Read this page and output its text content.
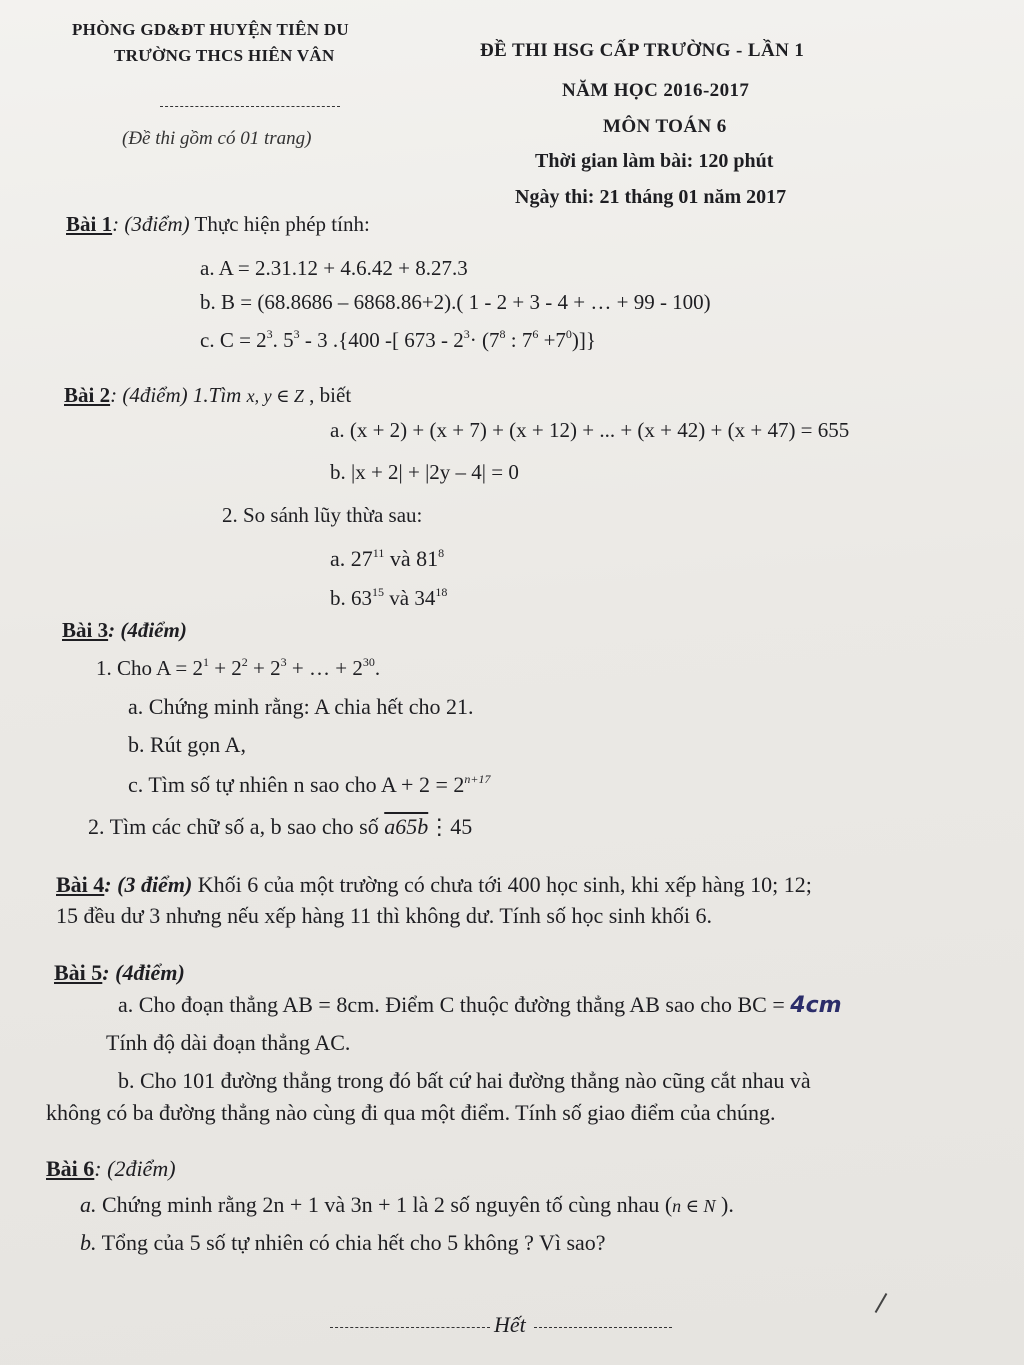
PHÒNG GD&ĐT HUYỆN TIÊN DU
TRƯỜNG THCS HIÊN VÂN
(Đề thi gồm có 01 trang)
ĐỀ THI HSG CẤP TRƯỜNG - LẦN 1
NĂM HỌC 2016-2017
MÔN TOÁN 6
Thời gian làm bài: 120 phút
Ngày thi: 21 tháng 01 năm 2017
Bài 1: (3điểm) Thực hiện phép tính:
a. A = 2.31.12 + 4.6.42 + 8.27.3
b. B = (68.8686 – 6868.86+2).( 1 - 2 + 3 - 4 + … + 99 - 100)
c. $C = 2^3$. $5^3 - 3$ .{400 -[ $673 - 2^3\cdot (7^8$ : $7^6 +7^0$)]}
Bài 2: (4điểm) 1.Tìm x, y ∈ Z , biết
a. (x + 2) + (x + 7) + (x + 12) + ... + (x + 42) + (x + 47) = 655
b. |x + 2| + |2y – 4| = 0
2. So sánh lũy thừa sau:
a. $27^{11}$ và $81^8$
b. $63^{15}$ và $34^{18}$
Bài 3: (4điểm)
1. Cho $A = 2^1 + 2^2 + 2^3$ + … + $2^{30}$.
a. Chứng minh rằng: A chia hết cho 21.
b. Rút gọn A,
c. Tìm số tự nhiên n sao cho $A + 2 = 2^{n+17}$
2. Tìm các chữ số a, b sao cho số a65b⋮45
Bài 4: (3 điểm) Khối 6 của một trường có chưa tới 400 học sinh, khi xếp hàng 10; 12;
15 đều dư 3 nhưng nếu xếp hàng 11 thì không dư. Tính số học sinh khối 6.
Bài 5: (4điểm)
a. Cho đoạn thẳng AB = 8cm. Điểm C thuộc đường thẳng AB sao cho BC = 4cm
Tính độ dài đoạn thẳng AC.
b. Cho 101 đường thẳng trong đó bất cứ hai đường thẳng nào cũng cắt nhau và
không có ba đường thẳng nào cùng đi qua một điểm. Tính số giao điểm của chúng.
Bài 6: (2điểm)
a. Chứng minh rằng 2n + 1 và 3n + 1 là 2 số nguyên tố cùng nhau (n ∈ N ).
b. Tổng của 5 số tự nhiên có chia hết cho 5 không ? Vì sao?
Hết
